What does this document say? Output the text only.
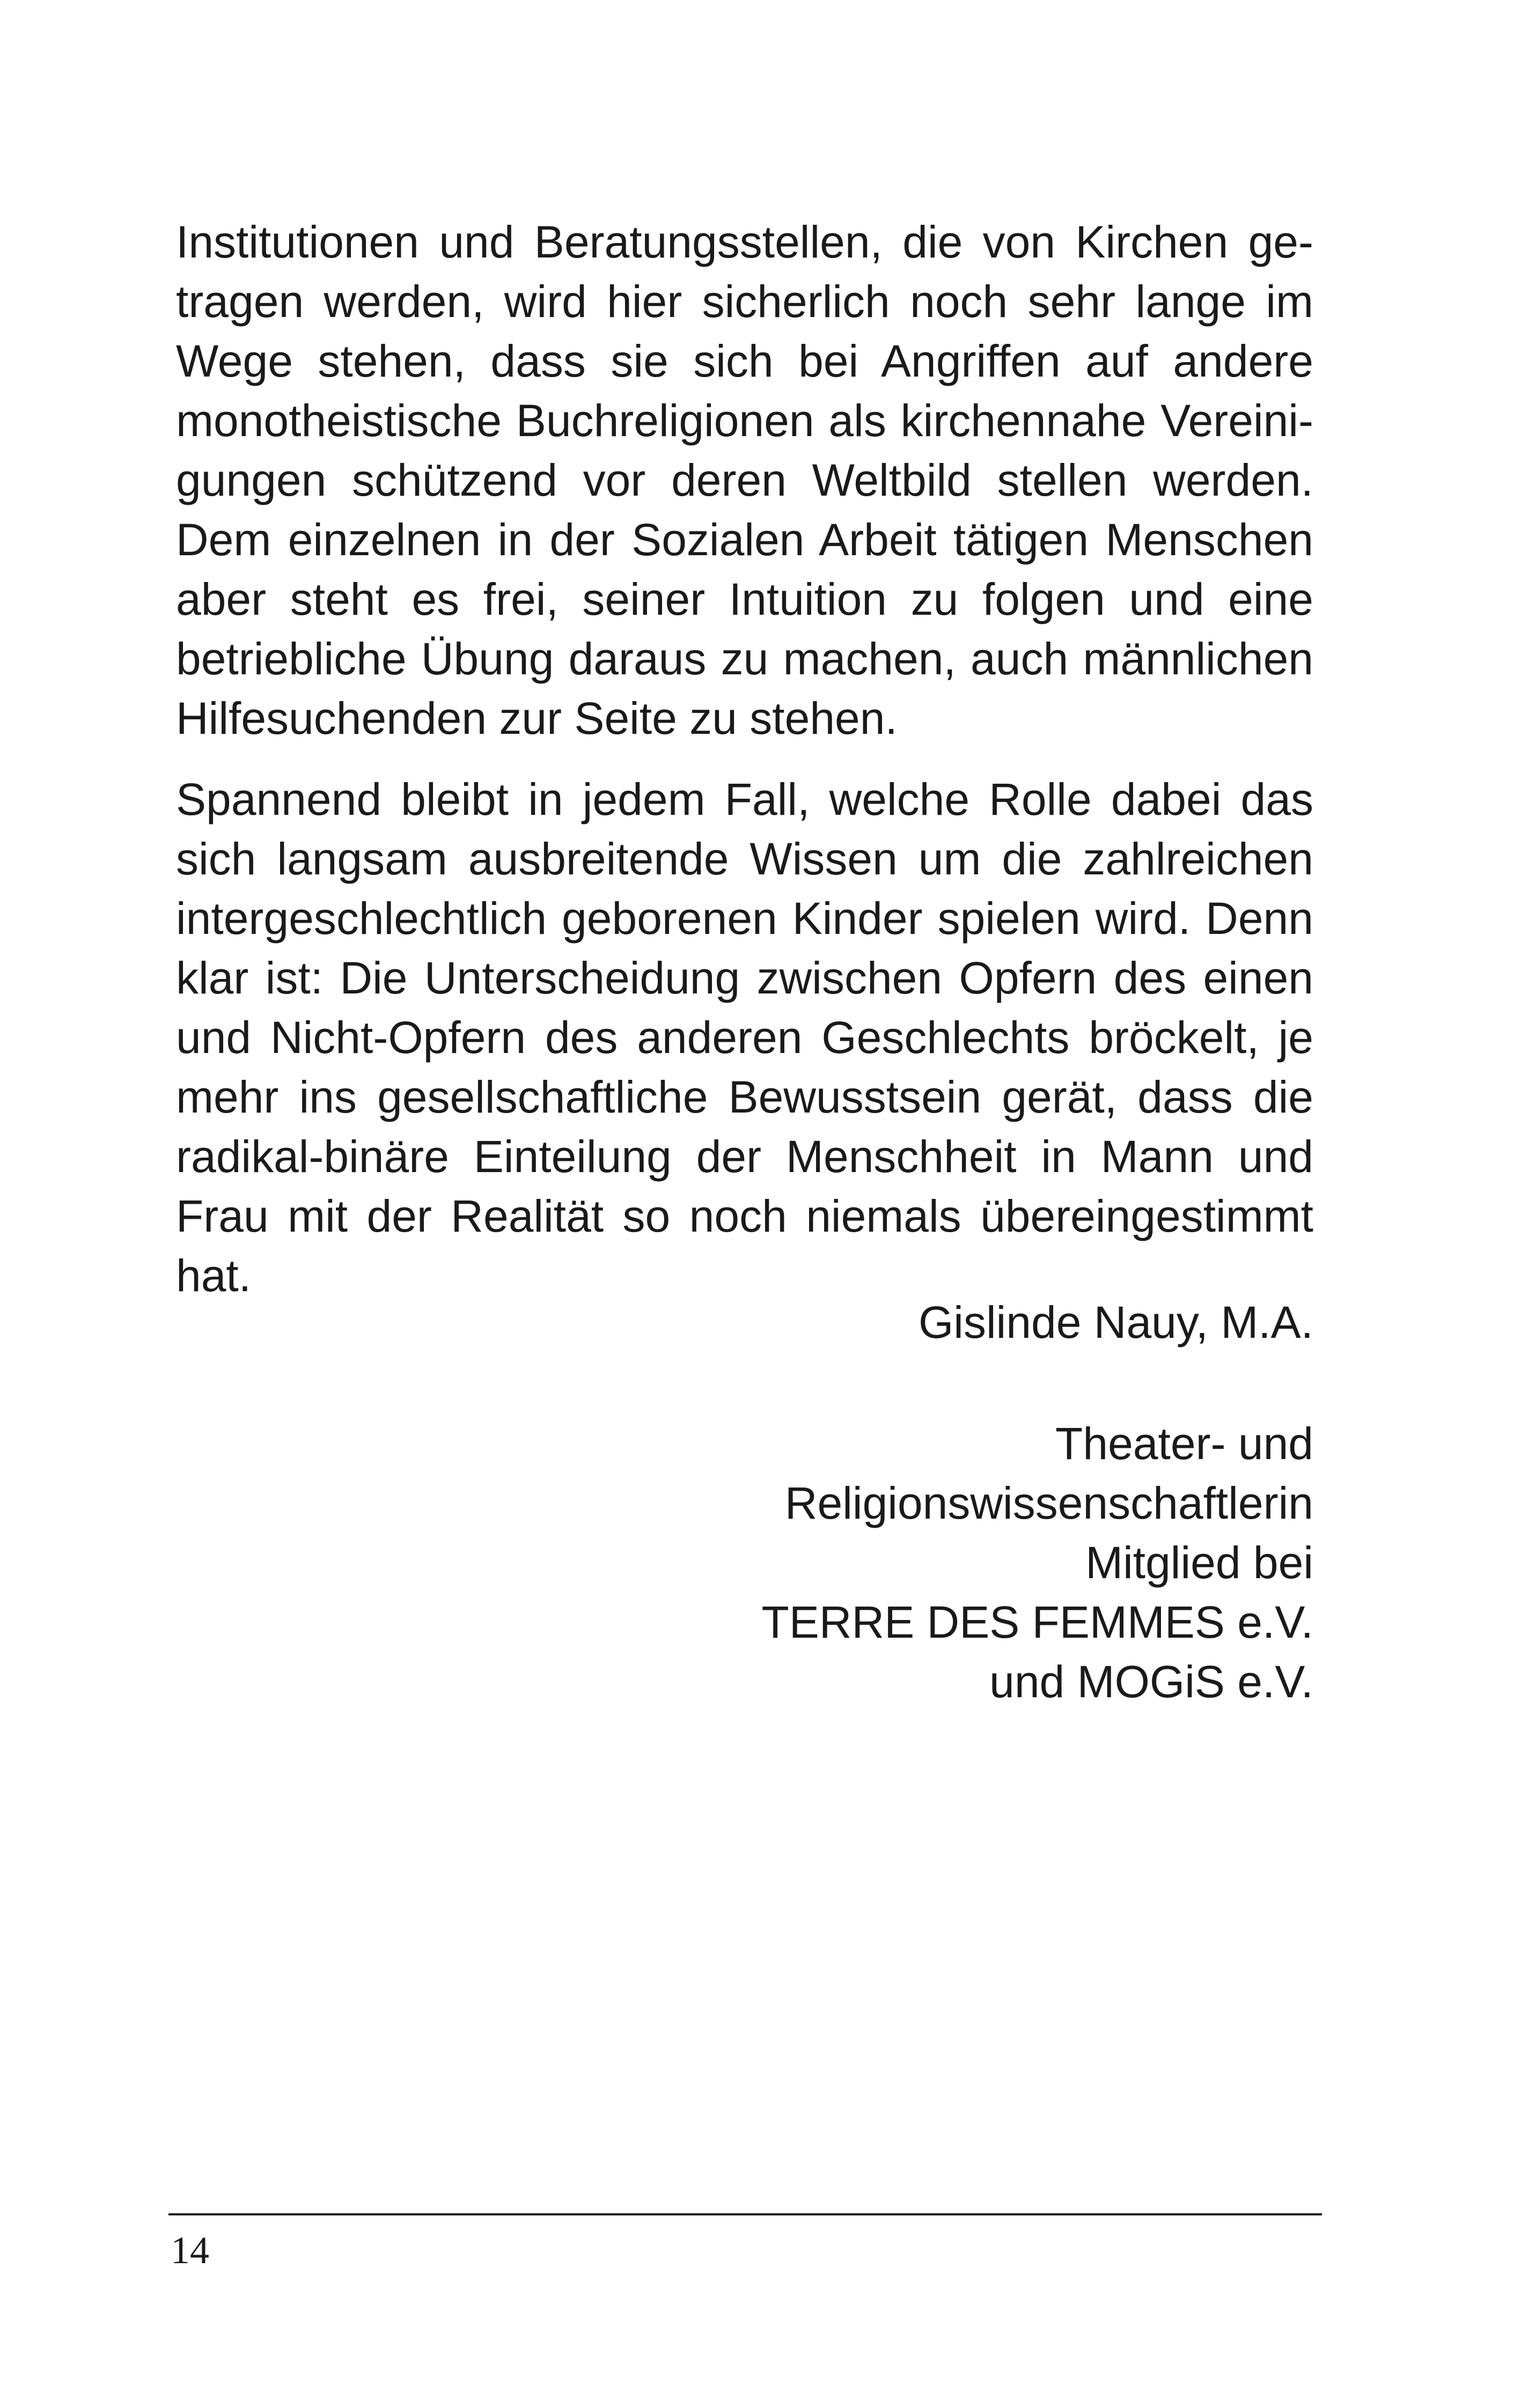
Institutionen und Beratungsstellen, die von Kirchen ge-
tragen werden, wird hier sicherlich noch sehr lange im
Wege stehen, dass sie sich bei Angriffen auf andere
monotheistische Buchreligionen als kirchennahe Vereini-
gungen schützend vor deren Weltbild stellen werden.
Dem einzelnen in der Sozialen Arbeit tätigen Menschen
aber steht es frei, seiner Intuition zu folgen und eine
betriebliche Übung daraus zu machen, auch männlichen
Hilfesuchenden zur Seite zu stehen.
Spannend bleibt in jedem Fall, welche Rolle dabei das
sich langsam ausbreitende Wissen um die zahlreichen
intergeschlechtlich geborenen Kinder spielen wird. Denn
klar ist: Die Unterscheidung zwischen Opfern des einen
und Nicht-Opfern des anderen Geschlechts bröckelt, je
mehr ins gesellschaftliche Bewusstsein gerät, dass die
radikal-binäre Einteilung der Menschheit in Mann und
Frau mit der Realität so noch niemals übereingestimmt
hat.
Gislinde Nauy, M.A.
Theater- und
Religionswissenschaftlerin
Mitglied bei
TERRE DES FEMMES e.V.
und MOGiS e.V.
14
